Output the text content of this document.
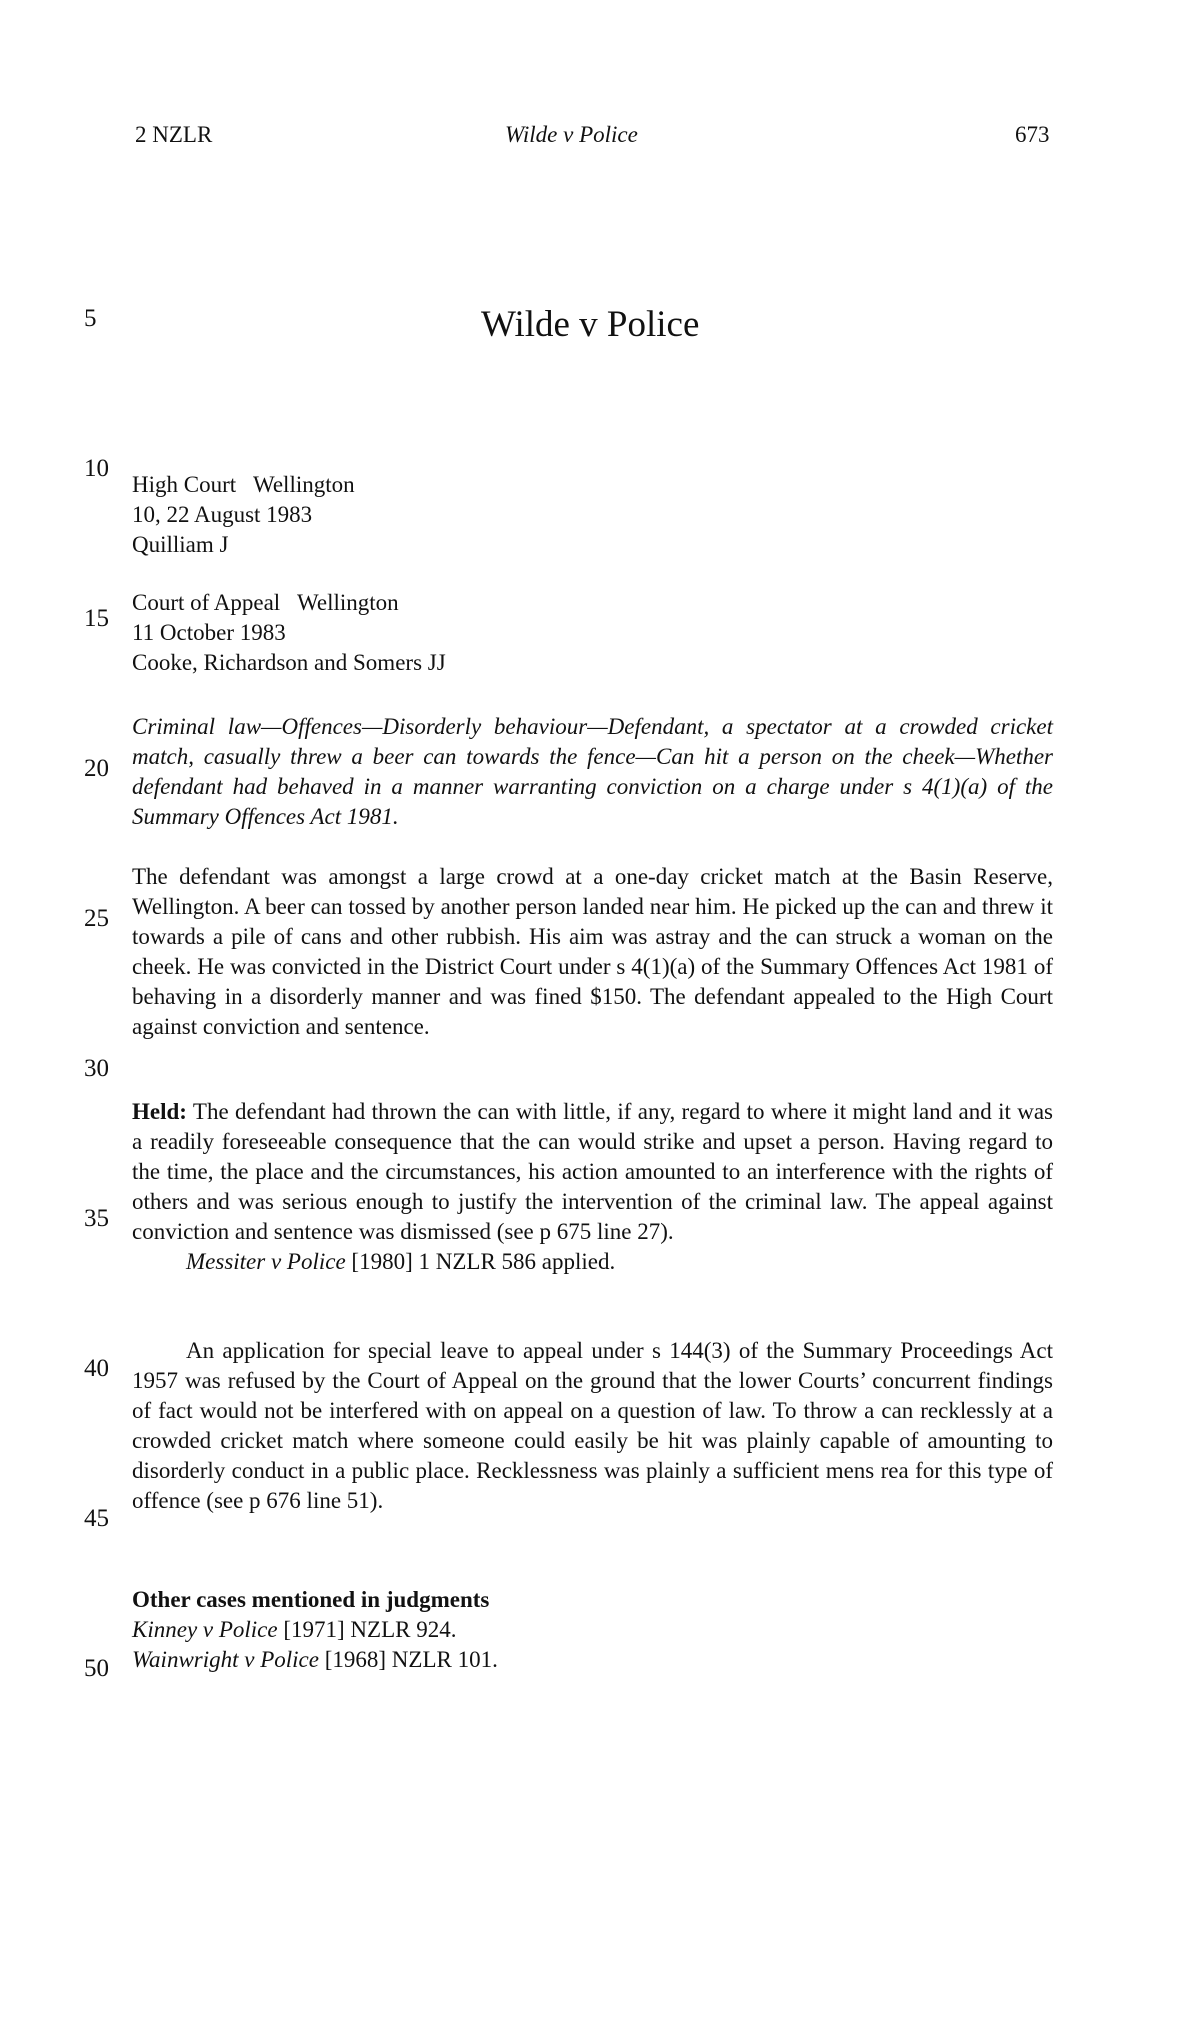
2 NZLR	Wilde v Police	673
Wilde v Police
5
10
15
20
25
30
35
40
45
50
High Court   Wellington
10, 22 August 1983
Quilliam J
Court of Appeal   Wellington
11 October 1983
Cooke, Richardson and Somers JJ

Criminal law—Offences—Disorderly behaviour—Defendant, a spectator at a crowded cricket match, casually threw a beer can towards the fence—Can hit a person on the cheek—Whether defendant had behaved in a manner warranting conviction on a charge under s 4(1)(a) of the Summary Offences Act 1981.

The defendant was amongst a large crowd at a one-day cricket match at the Basin Reserve, Wellington. A beer can tossed by another person landed near him. He picked up the can and threw it towards a pile of cans and other rubbish. His aim was astray and the can struck a woman on the cheek. He was convicted in the District Court under s 4(1)(a) of the Summary Offences Act 1981 of behaving in a disorderly manner and was fined $150. The defendant appealed to the High Court against conviction and sentence.

Held: The defendant had thrown the can with little, if any, regard to where it might land and it was a readily foreseeable consequence that the can would strike and upset a person. Having regard to the time, the place and the circumstances, his action amounted to an interference with the rights of others and was serious enough to justify the intervention of the criminal law. The appeal against conviction and sentence was dismissed (see p 675 line 27).

Messiter v Police [1980] 1 NZLR 586 applied.

An application for special leave to appeal under s 144(3) of the Summary Proceedings Act 1957 was refused by the Court of Appeal on the ground that the lower Courts’ concurrent findings of fact would not be interfered with on appeal on a question of law. To throw a can recklessly at a crowded cricket match where someone could easily be hit was plainly capable of amounting to disorderly conduct in a public place. Recklessness was plainly a sufficient mens rea for this type of offence (see p 676 line 51).

Other cases mentioned in judgments
Kinney v Police [1971] NZLR 924.
Wainwright v Police [1968] NZLR 101.
